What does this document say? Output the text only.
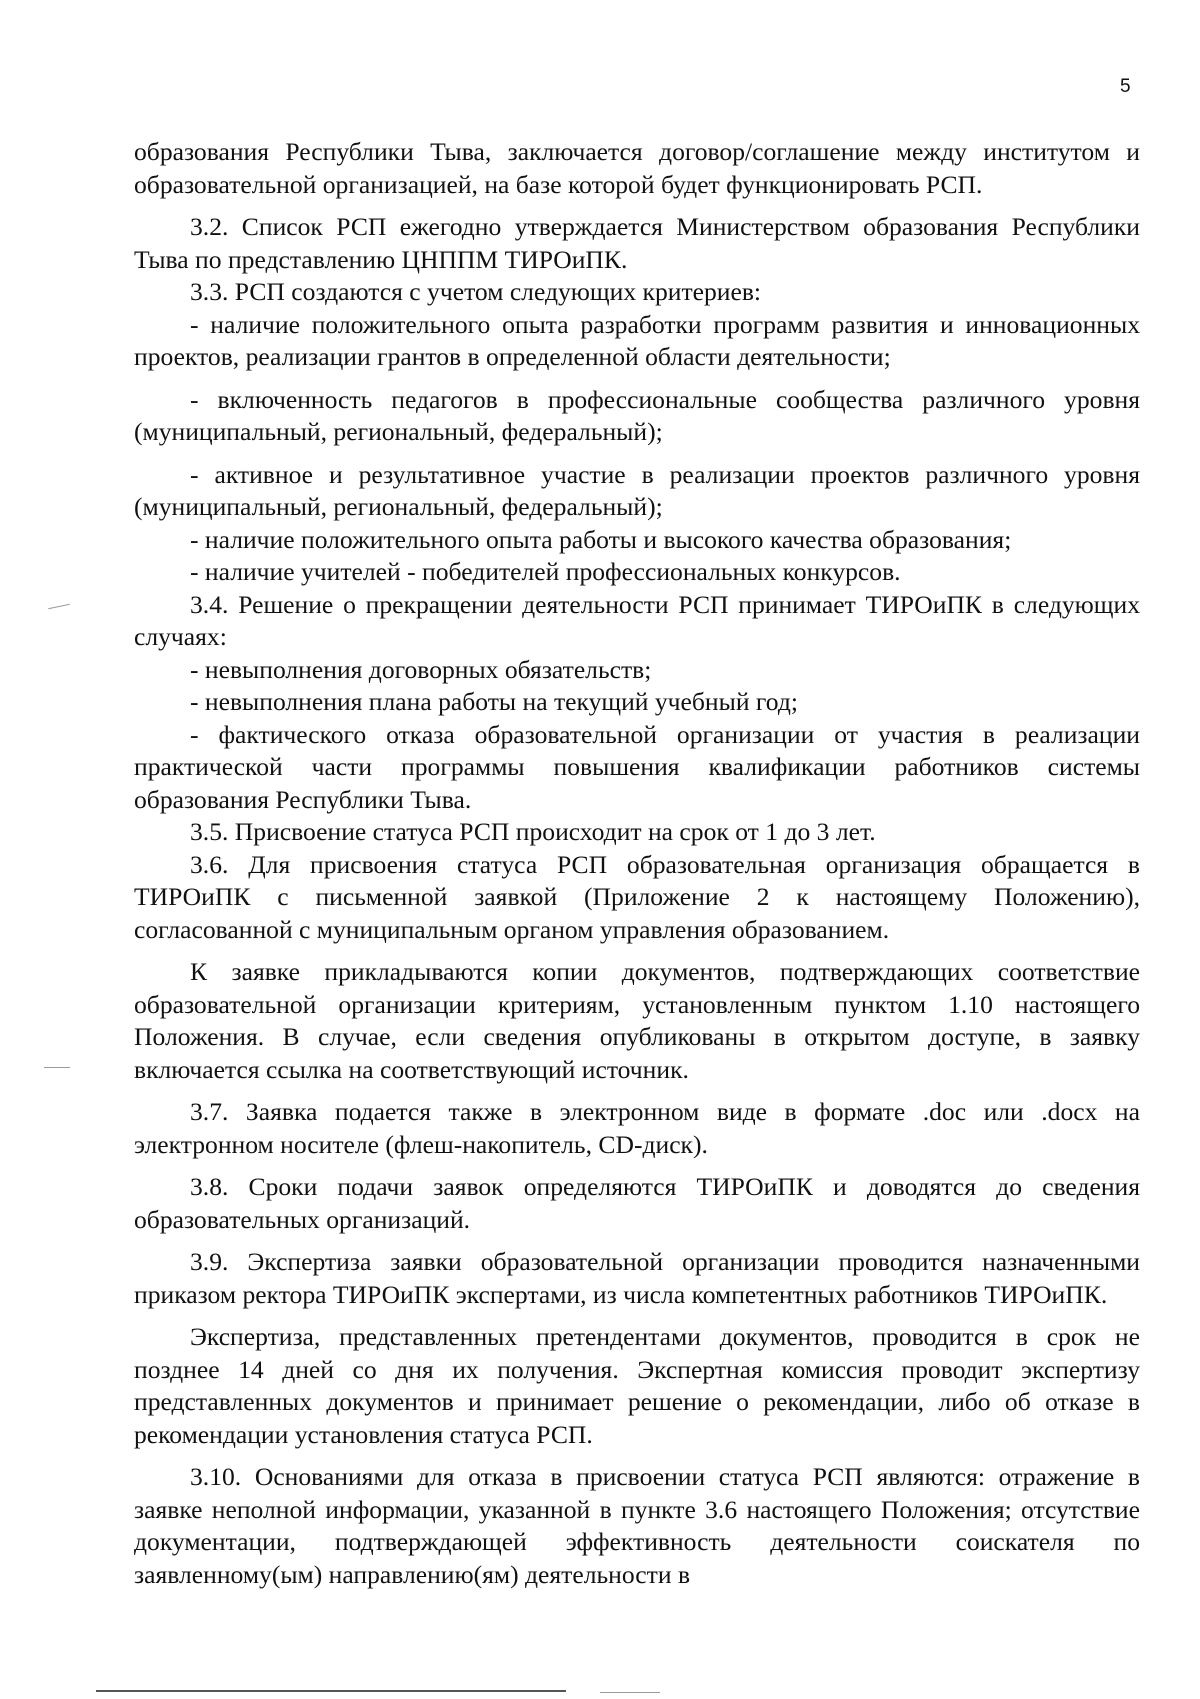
5

образования Республики Тыва, заключается договор/соглашение между институтом и образовательной организацией, на базе которой будет функционировать РСП.

3.2. Список РСП ежегодно утверждается Министерством образования Республики Тыва по представлению ЦНППМ ТИРОиПК.

3.3. РСП создаются с учетом следующих критериев:

- наличие положительного опыта разработки программ развития и инновационных проектов, реализации грантов в определенной области деятельности;

- включенность педагогов в профессиональные сообщества различного уровня (муниципальный, региональный, федеральный);

- активное и результативное участие в реализации проектов различного уровня (муниципальный, региональный, федеральный);

- наличие положительного опыта работы и высокого качества образования;

- наличие учителей - победителей профессиональных конкурсов.

3.4. Решение о прекращении деятельности РСП принимает ТИРОиПК в следующих случаях:

- невыполнения договорных обязательств;

- невыполнения плана работы на текущий учебный год;

- фактического отказа образовательной организации от участия в реализации практической части программы повышения квалификации работников системы образования Республики Тыва.

3.5. Присвоение статуса РСП происходит на срок от 1 до 3 лет.

3.6. Для присвоения статуса РСП образовательная организация обращается в ТИРОиПК с письменной заявкой (Приложение 2 к настоящему Положению), согласованной с муниципальным органом управления образованием.

К заявке прикладываются копии документов, подтверждающих соответствие образовательной организации критериям, установленным пунктом 1.10 настоящего Положения. В случае, если сведения опубликованы в открытом доступе, в заявку включается ссылка на соответствующий источник.

3.7. Заявка подается также в электронном виде в формате .doc или .docx на электронном носителе (флеш-накопитель, CD-диск).

3.8. Сроки подачи заявок определяются ТИРОиПК и доводятся до сведения образовательных организаций.

3.9. Экспертиза заявки образовательной организации проводится назначенными приказом ректора ТИРОиПК экспертами, из числа компетентных работников ТИРОиПК.

Экспертиза, представленных претендентами документов, проводится в срок не позднее 14 дней со дня их получения. Экспертная комиссия проводит экспертизу представленных документов и принимает решение о рекомендации, либо об отказе в рекомендации установления статуса РСП.

3.10. Основаниями для отказа в присвоении статуса РСП являются: отражение в заявке неполной информации, указанной в пункте 3.6 настоящего Положения; отсутствие документации, подтверждающей эффективность деятельности соискателя по заявленному(ым) направлению(ям) деятельности в
